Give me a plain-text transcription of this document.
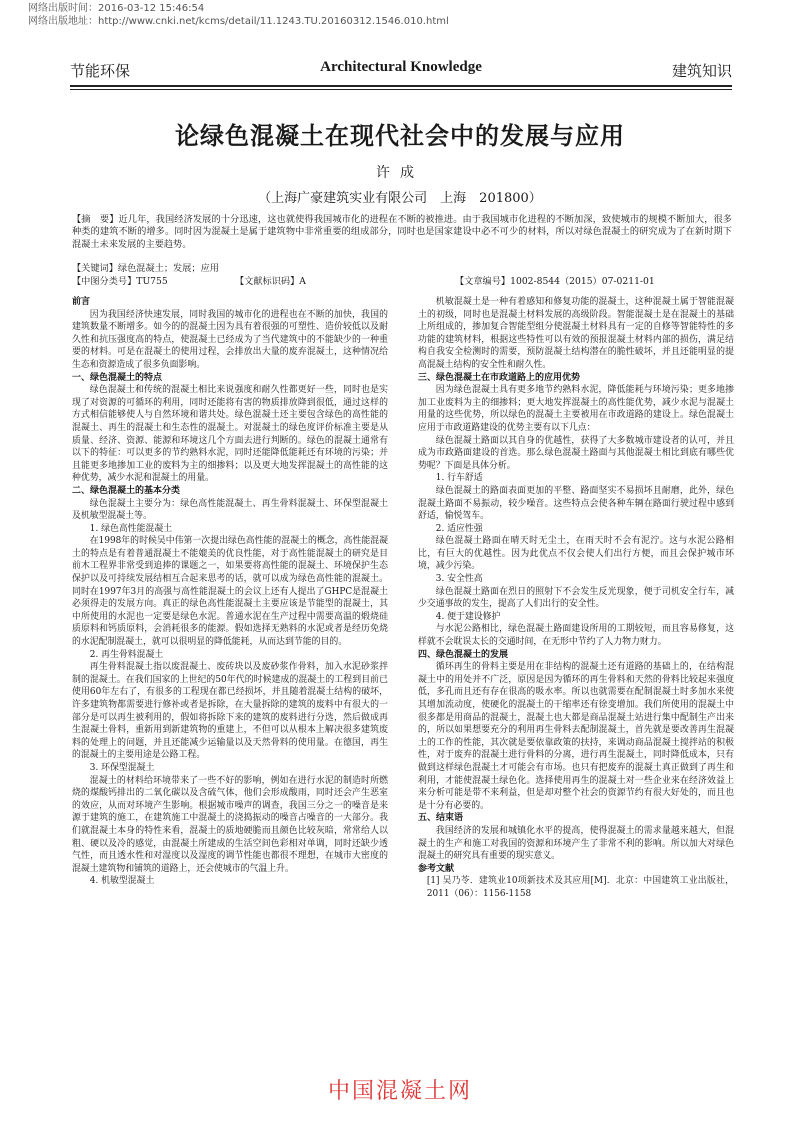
网络出版时间：2016-03-12 15:46:54
网络出版地址：http://www.cnki.net/kcms/detail/11.1243.TU.20160312.1546.010.html
节能环保	Architectural Knowledge	建筑知识
论绿色混凝土在现代社会中的发展与应用
许成
（上海广豪建筑实业有限公司　上海　201800）
【摘　要】近几年，我国经济发展的十分迅速，这也就使得我国城市化的进程在不断的被推进。由于我国城市化进程的不断加深，致使城市的规模不断加大，很多种类的建筑不断的增多。同时因为混凝土是属于建筑物中非常重要的组成部分，同时也是国家建设中必不可少的材料，所以对绿色混凝土的研究成为了在新时期下混凝土未来发展的主要趋势。
【关键词】绿色混凝土；发展；应用
【中图分类号】TU755	【文献标识码】A	【文章编号】1002-8544（2015）07-0211-01
前言

因为我国经济快速发展，同时我国的城市化的进程也在不断的加快，我国的建筑数量不断增多。如今的的混凝土因为具有着很强的可塑性、造价较低以及耐久性和抗压强度高的特点，使混凝土已经成为了当代建筑中的不能缺少的一种重要的材料。可是在混凝土的使用过程，会排放出大量的废弃混凝土，这种情况给生态和资源造成了很多负面影响。

一、绿色混凝土的特点

绿色混凝土和传统的混凝土相比来说强度和耐久性都更好一些，同时也是实现了对资源的可循环的利用，同时还能将有害的物质排放降到很低，通过这样的方式相信能够使人与自然环境和谐共处。绿色混凝土还主要包含绿色的高性能的混凝土、再生的混凝土和生态性的混凝土。对混凝土的绿色度评价标准主要是从质量、经济、资源、能源和环境这几个方面去进行判断的。绿色的混凝土通常有以下的特征：可以更多的节约熟料水泥，同时还能降低能耗还有环境的污染；并且能更多地掺加工业的废料为主的细掺料；以及更大地发挥混凝土的高性能的这种优势，减少水泥和混凝土的用量。

二、绿色混凝土的基本分类

绿色混凝土主要分为：绿色高性能混凝土、再生骨料混凝土、环保型混凝土及机敏型混凝土等。

1. 绿色高性能混凝土

在1998年的时候吴中伟第一次提出绿色高性能的混凝土的概念，高性能混凝土的特点是有着普通混凝土不能媲美的优良性能，对于高性能混凝土的研究是目前木工程界非常受到追捧的课题之一，如果要将高性能的混凝土、环境保护生态保护以及可持续发展结相互合起来思考的话，就可以成为绿色高性能的混凝土。同时在1997年3月的高强与高性能混凝土的会议上还有人提出了GHPC是混凝土必须得走的发展方向。真正的绿色高性能混凝土主要应该是节能型的混凝土，其中所使用的水泥也一定要是绿色水泥。普通水泥在生产过程中需要高温的煅烧硅质原料和钙质原料，会消耗很多的能源。假如选择无熟料的水泥或者是经历免烧的水泥配制混凝土，就可以很明显的降低能耗，从而达到节能的目的。

2. 再生骨料混凝土

再生骨料混凝土指以废混凝土、废砖块以及废砂浆作骨料，加入水泥砂浆拌制的混凝土。在我们国家的上世纪的50年代的时候建成的混凝土的工程到目前已使用60年左右了，有很多的工程现在都已经损坏，并且随着混凝土结构的破坏，许多建筑物都需要进行修补或者是拆除，在大量拆除的建筑的废料中有很大的一部分是可以再生被利用的，假如将拆除下来的建筑的废料进行分选，然后做成再生混凝土骨料，重新用到新建筑物的重建上，不但可以从根本上解决很多建筑废料的处理上的问题，并且还能减少运输量以及天然骨料的使用量。在德国，再生的混凝土的主要用途是公路工程。

3. 环保型混凝土

混凝土的材料给环境带来了一些不好的影响，例如在进行水泥的制造时所燃烧的煤酸钙排出的二氧化碳以及含硫气体，他们会形成酸雨，同时还会产生恶室的效应，从而对环境产生影响。根据城市噪声的调查，我国三分之一的噪音是来源于建筑的施工，在建筑施工中混凝土的浇捣振动的噪音占噪音的一大部分。我们就混凝土本身的特性来看，混凝土的质地硬脆而且颜色比较灰暗，常常给人以粗、硬以及冷的感觉，由混凝土所建成的生活空间色彩相对单调，同时还缺少透气性，而且透水性和对湿度以及湿度的调节性能也都很不理想，在城市大密度的混凝土建筑物和铺筑的道路上，还会使城市的气温上升。

4. 机敏型混凝土

机敏混凝土是一种有着感知和修复功能的混凝土，这种混凝土属于智能混凝土的初级，同时也是混凝土材料发展的高级阶段。智能混凝土是在混凝土的基础上所组成的，掺加复合智能型组分使混凝土材料具有一定的自修等智能特性的多功能的建筑材料，根据这些特性可以有效的预报混凝土材料内部的损伤，满足结构自我安全检测时的需要，预防混凝土结构潜在的脆性破坏，并且还能明显的提高混凝土结构的安全性和耐久性。

三、绿色混凝土在市政道路上的应用优势

因为绿色混凝土具有更多地节约熟料水泥，降低能耗与环境污染；更多地掺加工业废料为主的细掺料；更大地发挥混凝土的高性能优势，减少水泥与混凝土用量的这些优势，所以绿色的混凝土主要被用在市政道路的建设上。绿色混凝土应用于市政道路建设的优势主要有以下几点：

绿色混凝土路面以其自身的优越性，获得了大多数城市建设者的认可，并且成为市政路面建设的首选。那么绿色混凝土路面与其他混凝土相比到底有哪些优势呢？下面是具体分析。

1. 行车舒适

绿色混凝土的路面表面更加的平整、路面坚实不易损坏且耐磨，此外，绿色混凝土路面不易振动，较少噪音。这些特点会使各种车辆在路面行驶过程中感到舒适，愉悦驾车。

2. 适应性强

绿色混凝土路面在晴天时无尘土，在雨天时不会有泥泞。这与水泥公路相比，有巨大的优越性。因为此优点不仅会使人们出行方便，而且会保护城市环境，减少污染。

3. 安全性高

绿色混凝土路面在烈日的照射下不会发生反光现象，便于司机安全行车，减少交通事故的发生，提高了人们出行的安全性。

4. 便于建设修护

与水泥公路相比，绿色混凝土路面建设所用的工期较短，而且容易修复，这样就不会耽误太长的交通时间，在无形中节约了人力物力财力。

四、绿色混凝土的发展

循环再生的骨料主要是用在非结构的混凝土还有道路的基础上的，在结构混凝土中的用处并不广泛，原因是因为循环的再生骨料和天然的骨料比较起来强度低，多孔而且还有存在很高的吸水率。所以也就需要在配制混凝土时多加水来使其增加流动度，使硬化的混凝土的干缩率还有徐变增加。我们所使用的混凝土中很多都是用商品的混凝土，混凝土也大都是商品混凝土站进行集中配制生产出来的，所以如果想要充分的利用再生骨料去配制混凝土，首先就是要改善再生混凝土的工作的性能，其次就是要依靠政策的扶持，来调动商品混凝土搅拌站的积极性，对于废弃的混凝土进行骨料的分离，进行再生混凝土，同时降低成本，只有做到这样绿色混凝土才可能会有市场。也只有把废弃的混凝土真正做到了再生和利用，才能使混凝土绿色化。选择使用再生的混凝土对一些企业来在经济效益上来分析可能是带不来利益，但是却对整个社会的资源节约有很大好处的，而且也是十分有必要的。

五、结束语

我国经济的发展和城镇化水平的提高，使得混凝土的需求量越来越大，但混凝土的生产和施工对我国的资源和环境产生了非常不利的影响。所以加大对绿色混凝土的研究具有重要的现实意义。

参考文献

[1] 吴乃苓．建筑业10项新技术及其应用[M]．北京：中国建筑工业出版社，2011（06）：1156-1158

中国混凝土网
